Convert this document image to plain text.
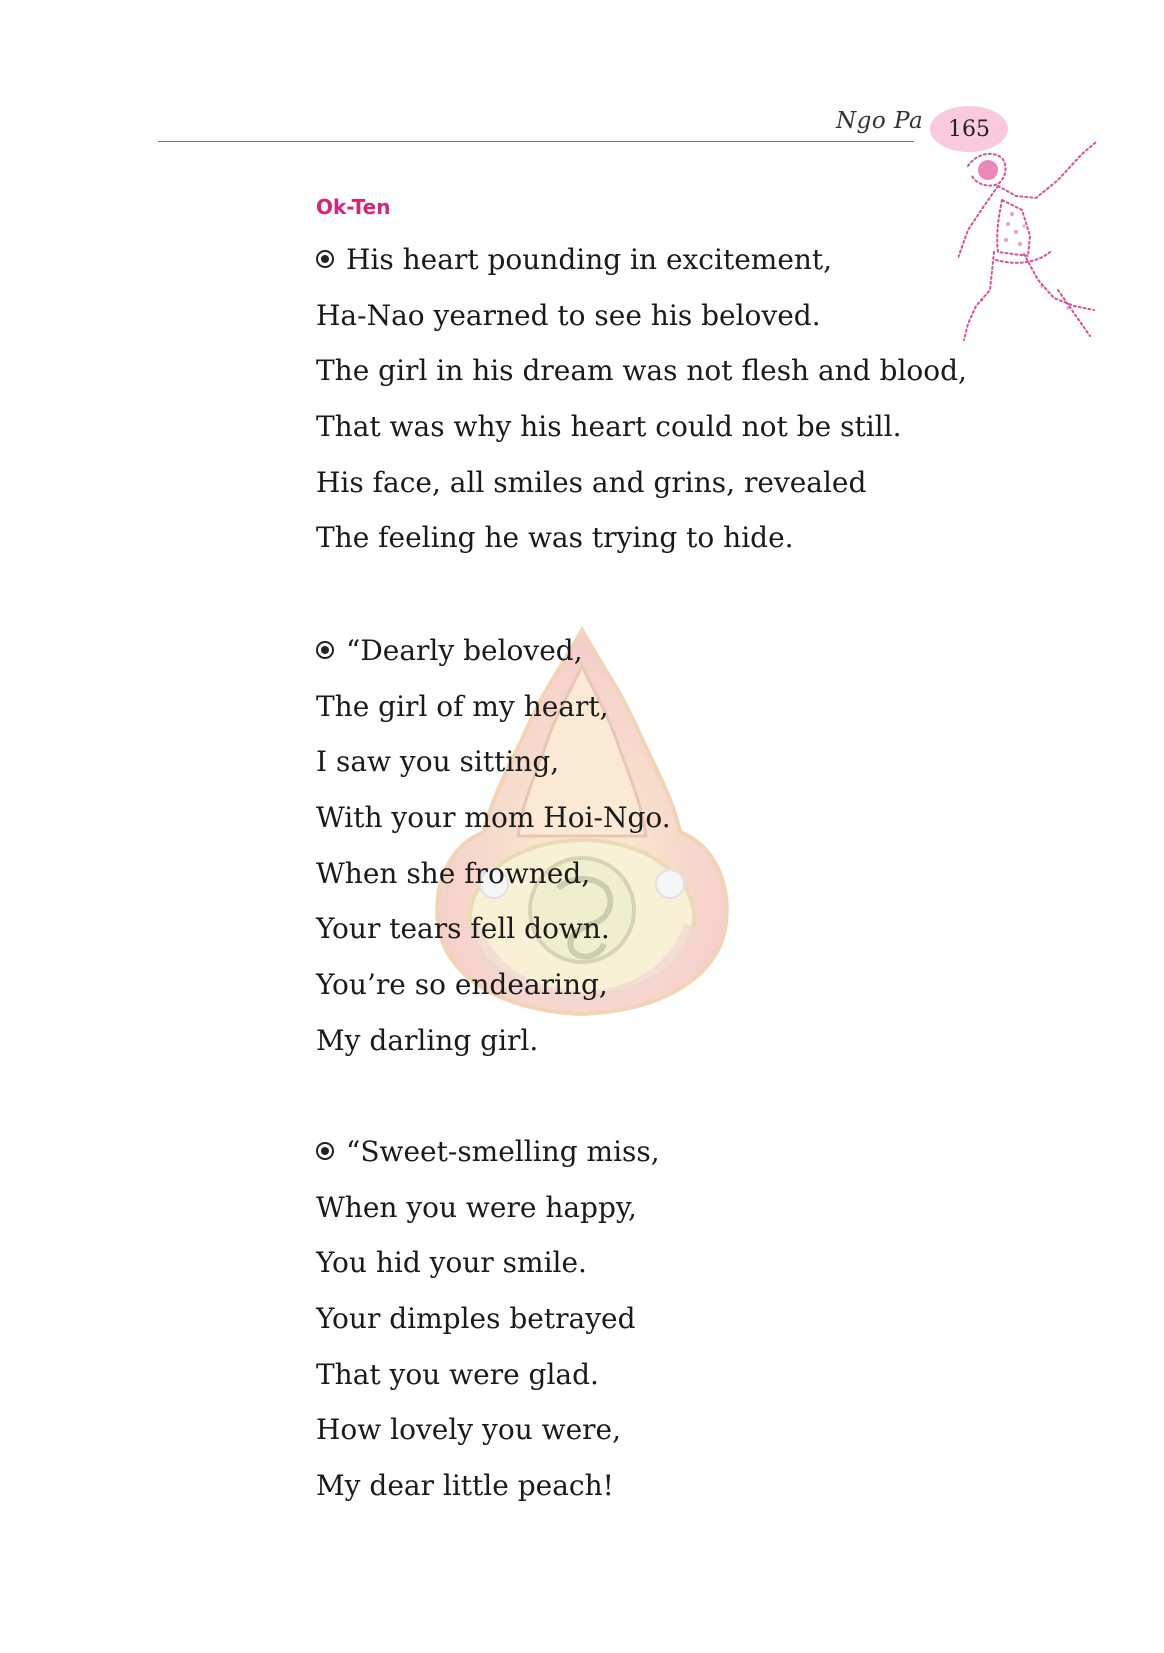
Ngo Pa 165
Ok-Ten
His heart pounding in excitement,
Ha-Nao yearned to see his beloved.
The girl in his dream was not flesh and blood,
That was why his heart could not be still.
His face, all smiles and grins, revealed
The feeling he was trying to hide.
“Dearly beloved,
The girl of my heart,
I saw you sitting,
With your mom Hoi-Ngo.
When she frowned,
Your tears fell down.
You’re so endearing,
My darling girl.
“Sweet-smelling miss,
When you were happy,
You hid your smile.
Your dimples betrayed
That you were glad.
How lovely you were,
My dear little peach!
